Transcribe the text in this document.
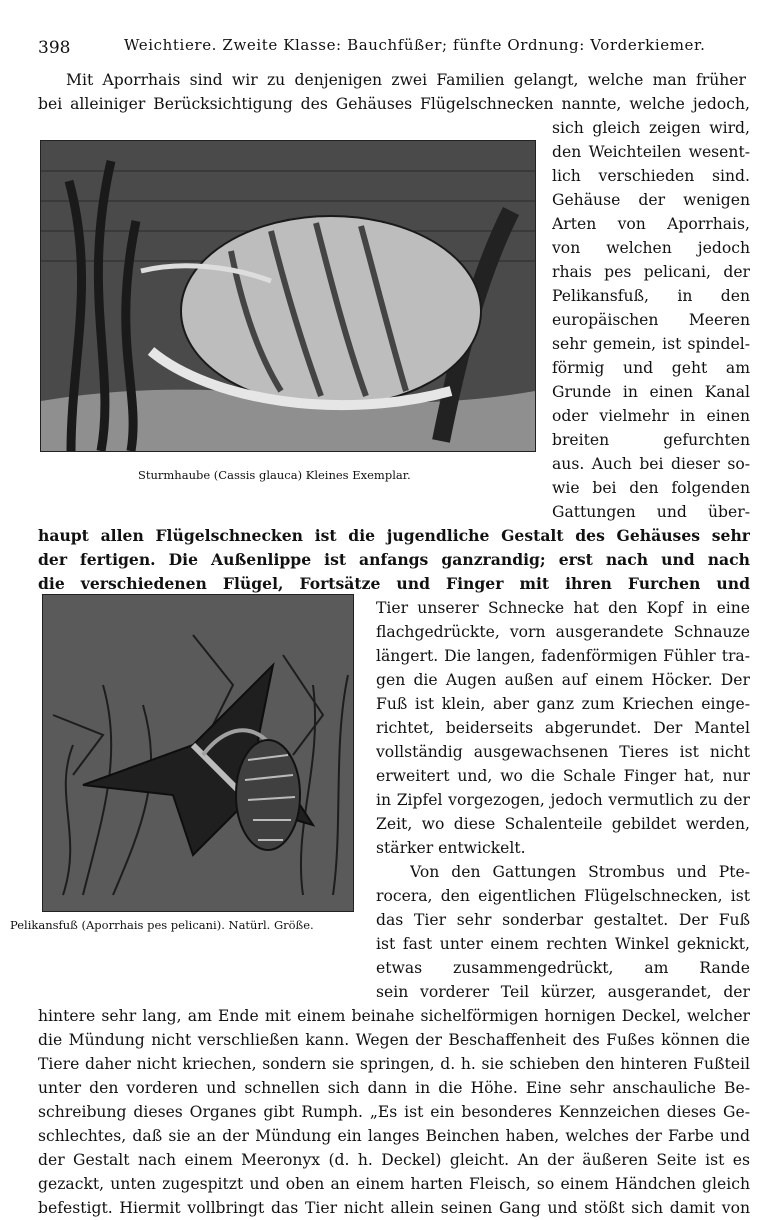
398	Weichtiere. Zweite Klasse: Bauchfüßer; fünfte Ordnung: Vorderkiemer.
Mit Aporrhais sind wir zu denjenigen zwei Familien gelangt, welche man früher
bei alleiniger Berücksichtigung des Gehäuses Flügelschnecken nannte, welche jedoch,
sich gleich zeigen wird,
den Weichteilen wesent-
lich verschieden sind.
Gehäuse der wenigen
Arten von Aporrhais,
von welchen jedoch
rhais pes pelicani, der
Pelikansfuß, in den
europäischen Meeren
sehr gemein, ist spindel-
förmig und geht am
Grunde in einen Kanal
oder vielmehr in einen
breiten gefurchten
aus. Auch bei dieser so-
wie bei den folgenden
Gattungen und über-
Sturmhaube (Cassis glauca) Kleines Exemplar.
haupt allen Flügelschnecken ist die jugendliche Gestalt des Gehäuses sehr
der fertigen. Die Außenlippe ist anfangs ganzrandig; erst nach und nach
die verschiedenen Flügel, Fortsätze und Finger mit ihren Furchen und
Tier unserer Schnecke hat den Kopf in eine
flachgedrückte, vorn ausgerandete Schnauze
längert. Die langen, fadenförmigen Fühler tra-
gen die Augen außen auf einem Höcker. Der
Fuß ist klein, aber ganz zum Kriechen einge-
richtet, beiderseits abgerundet. Der Mantel
vollständig ausgewachsenen Tieres ist nicht
erweitert und, wo die Schale Finger hat, nur
in Zipfel vorgezogen, jedoch vermutlich zu der
Zeit, wo diese Schalenteile gebildet werden,
stärker entwickelt.
Von den Gattungen Strombus und Pte-
rocera, den eigentlichen Flügelschnecken, ist
das Tier sehr sonderbar gestaltet. Der Fuß
ist fast unter einem rechten Winkel geknickt,
etwas zusammengedrückt, am Rande
sein vorderer Teil kürzer, ausgerandet, der
Pelikansfuß (Aporrhais pes pelicani). Natürl. Größe.
hintere sehr lang, am Ende mit einem beinahe sichelförmigen hornigen Deckel, welcher
die Mündung nicht verschließen kann. Wegen der Beschaffenheit des Fußes können die
Tiere daher nicht kriechen, sondern sie springen, d. h. sie schieben den hinteren Fußteil
unter den vorderen und schnellen sich dann in die Höhe. Eine sehr anschauliche Be-
schreibung dieses Organes gibt Rumph. „Es ist ein besonderes Kennzeichen dieses Ge-
schlechtes, daß sie an der Mündung ein langes Beinchen haben, welches der Farbe und
der Gestalt nach einem Meeronyx (d. h. Deckel) gleicht. An der äußeren Seite ist es
gezackt, unten zugespitzt und oben an einem harten Fleisch, so einem Händchen gleich
befestigt. Hiermit vollbringt das Tier nicht allein seinen Gang und stößt sich damit von
